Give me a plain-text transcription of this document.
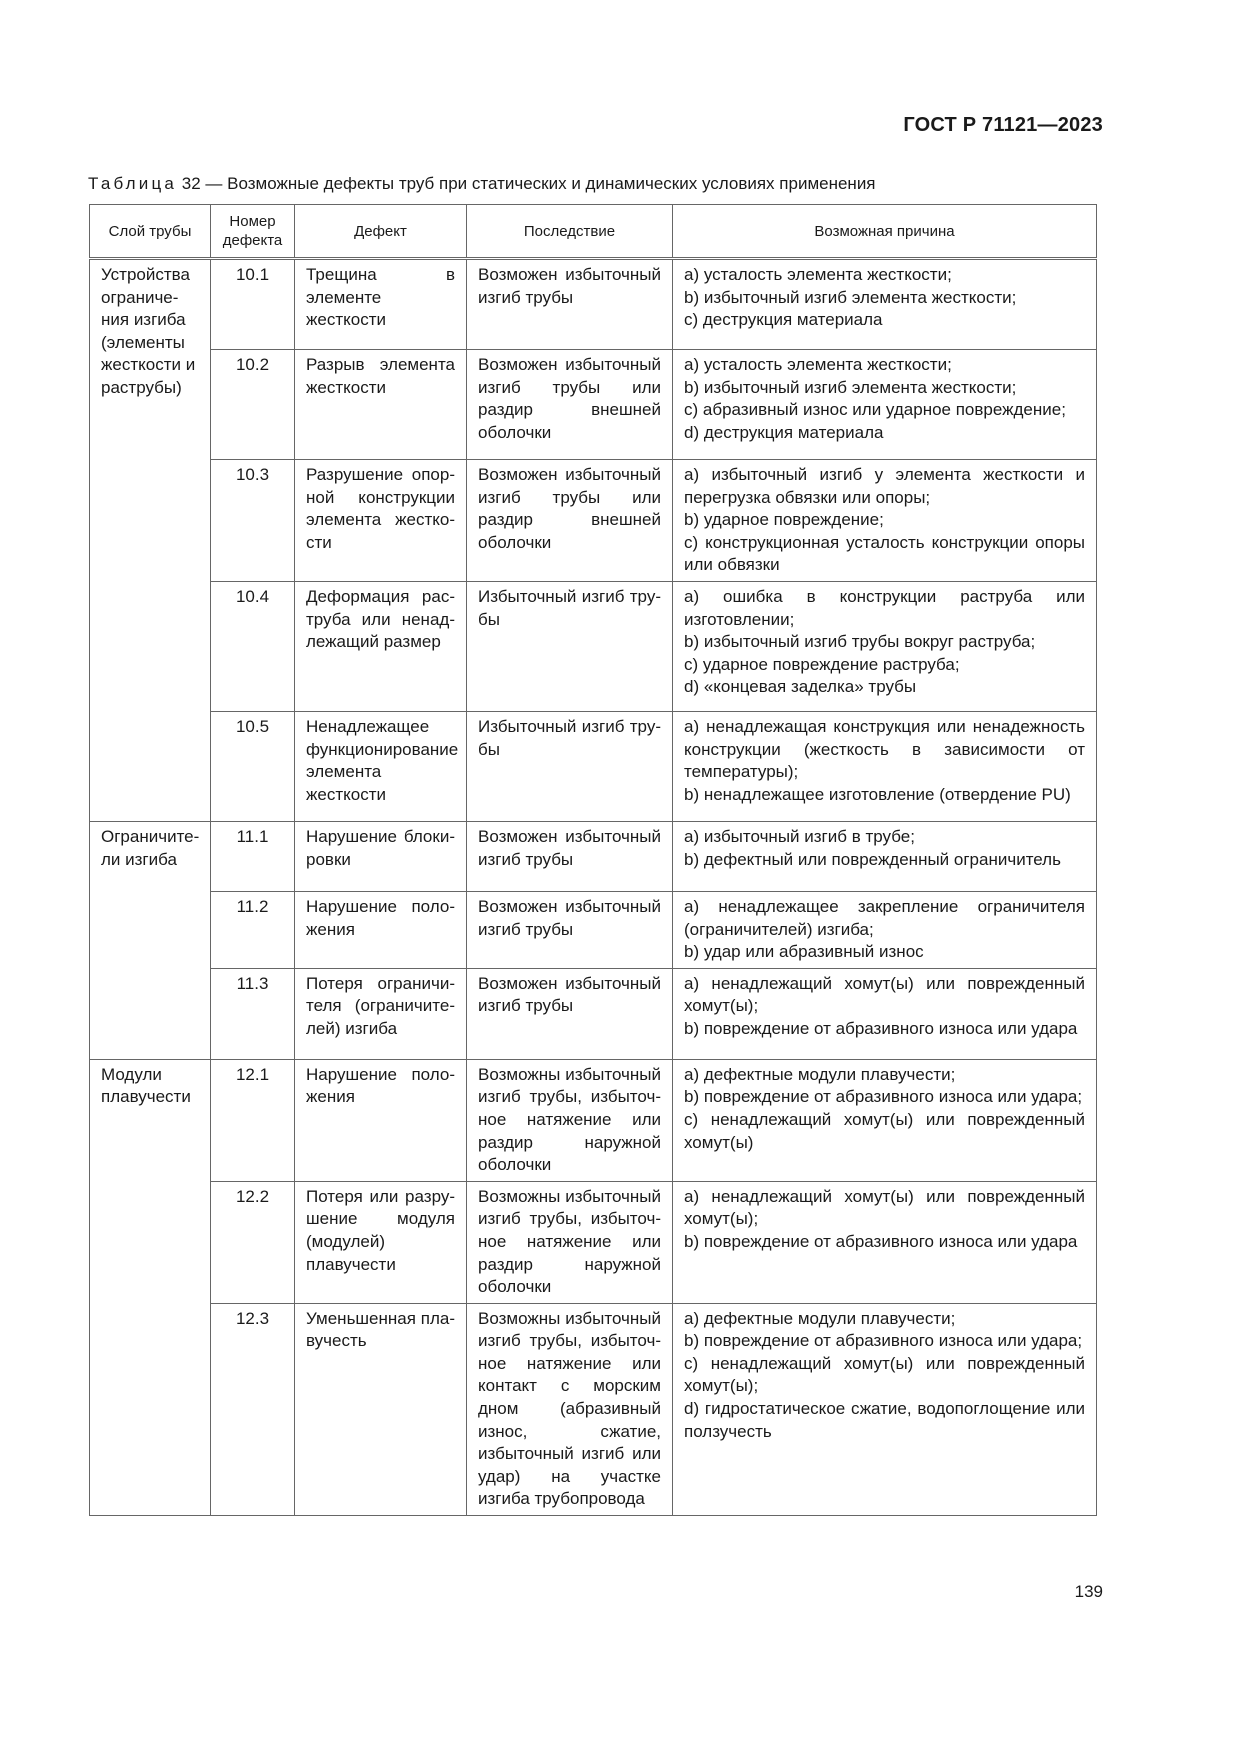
ГОСТ Р 71121—2023
Таблица 32 — Возможные дефекты труб при статических и динамических условиях применения
Слой трубы	Номер дефекта	Дефект	Последствие	Возможная причина
Устройства ограничения изгиба (элементы жесткости и раструбы)	10.1	Трещина в элементе жесткости	Возможен избыточный изгиб трубы	а) усталость элемента жесткости;
b) избыточный изгиб элемента жесткости;
с) деструкция материала

	10.2	Разрыв элемента жесткости	Возможен избыточный изгиб трубы или раздир внешней оболочки	а) усталость элемента жесткости;
b) избыточный изгиб элемента жесткости;
с) абразивный износ или ударное повреждение;
d) деструкция материала

	10.3	Разрушение опорной конструкции элемента жесткости	Возможен избыточный изгиб трубы или раздир внешней оболочки	а) избыточный изгиб у элемента жесткости и перегрузка обвязки или опоры;
b) ударное повреждение;
с) конструкционная усталость конструкции опоры или обвязки

	10.4	Деформация раструба или ненадлежащий размер	Избыточный изгиб трубы	а) ошибка в конструкции раструба или изготовлении;
b) избыточный изгиб трубы вокруг раструба;
с) ударное повреждение раструба;
d) «концевая заделка» трубы

	10.5	Ненадлежащее функционирование элемента жесткости	Избыточный изгиб трубы	а) ненадлежащая конструкция или ненадежность конструкции (жесткость в зависимости от температуры);
b) ненадлежащее изготовление (отвердение PU)

Ограничители изгиба	11.1	Нарушение блокировки	Возможен избыточный изгиб трубы	а) избыточный изгиб в трубе;
b) дефектный или поврежденный ограничитель

	11.2	Нарушение положения	Возможен избыточный изгиб трубы	а) ненадлежащее закрепление ограничителя (ограничителей) изгиба;
b) удар или абразивный износ

	11.3	Потеря ограничителя (ограничителей) изгиба	Возможен избыточный изгиб трубы	а) ненадлежащий хомут(ы) или поврежденный хомут(ы);
b) повреждение от абразивного износа или удара

Модули плавучести	12.1	Нарушение положения	Возможны избыточный изгиб трубы, избыточное натяжение или раздир наружной оболочки	а) дефектные модули плавучести;
b) повреждение от абразивного износа или удара;
с) ненадлежащий хомут(ы) или поврежденный хомут(ы)

	12.2	Потеря или разрушение модуля (модулей) плавучести	Возможны избыточный изгиб трубы, избыточное натяжение или раздир наружной оболочки	а) ненадлежащий хомут(ы) или поврежденный хомут(ы);
b) повреждение от абразивного износа или удара

	12.3	Уменьшенная плавучесть	Возможны избыточный изгиб трубы, избыточное натяжение или контакт с морским дном (абразивный износ, сжатие, избыточный изгиб или удар) на участке изгиба трубопровода	а) дефектные модули плавучести;
b) повреждение от абразивного износа или удара;
с) ненадлежащий хомут(ы) или поврежденный хомут(ы);
d) гидростатическое сжатие, водопоглощение или ползучесть
139
